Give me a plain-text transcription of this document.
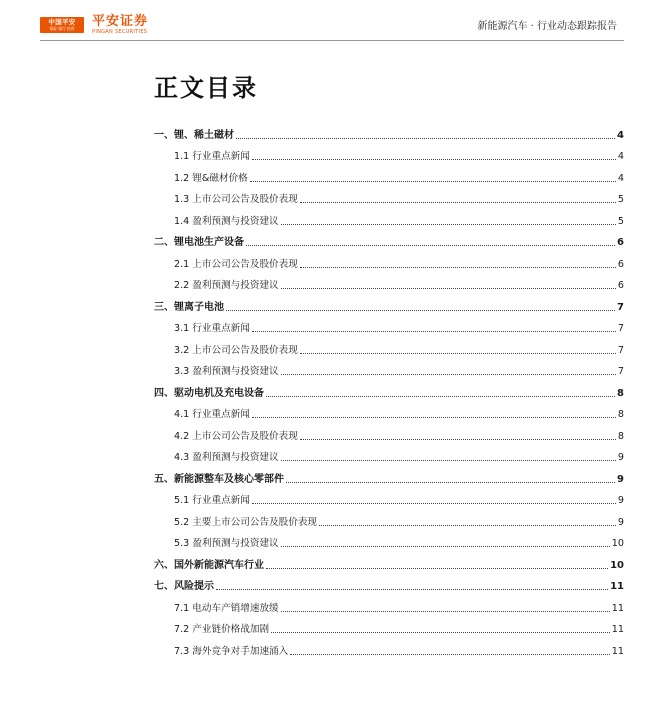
中国平安
保险·银行·投资 平安证券
PINGAN SECURITIES	新能源汽车 · 行业动态跟踪报告
正文目录
一、锂、稀土磁材	4
1.1 行业重点新闻	4
1.2 锂&磁材价格	4
1.3 上市公司公告及股价表现	5
1.4 盈利预测与投资建议	5
二、锂电池生产设备	6
2.1 上市公司公告及股价表现	6
2.2 盈利预测与投资建议	6
三、锂离子电池	7
3.1 行业重点新闻	7
3.2 上市公司公告及股价表现	7
3.3 盈利预测与投资建议	7
四、驱动电机及充电设备	8
4.1 行业重点新闻	8
4.2 上市公司公告及股价表现	8
4.3 盈利预测与投资建议	9
五、新能源整车及核心零部件	9
5.1 行业重点新闻	9
5.2 主要上市公司公告及股价表现	9
5.3 盈利预测与投资建议	10
六、国外新能源汽车行业	10
七、风险提示	11
7.1 电动车产销增速放缓	11
7.2 产业链价格战加剧	11
7.3 海外竞争对手加速涌入	11
